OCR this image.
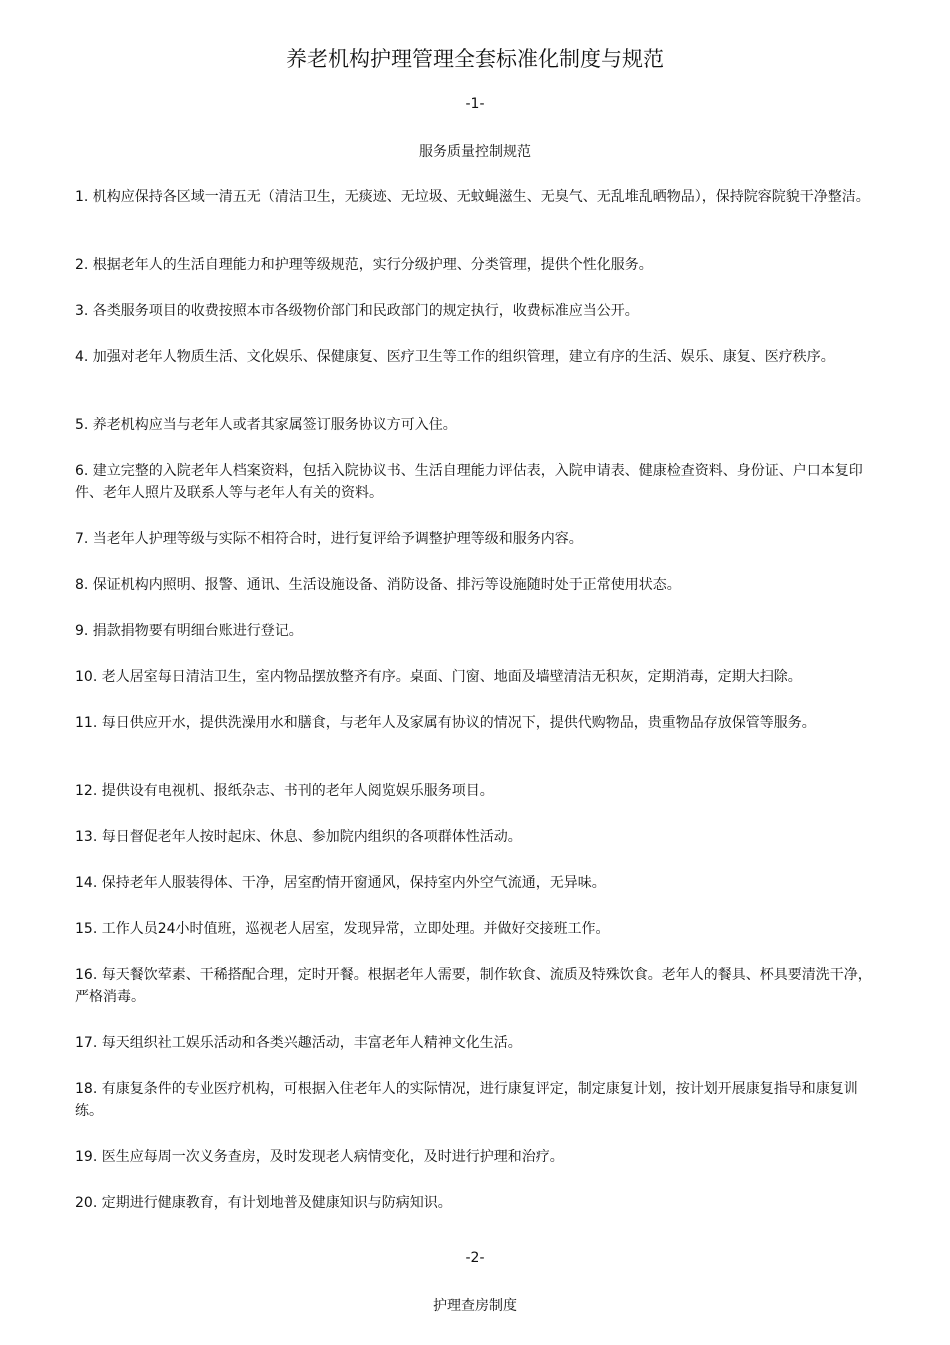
养老机构护理管理全套标准化制度与规范
-1-
服务质量控制规范
1. 机构应保持各区域一清五无（清洁卫生，无痰迹、无垃圾、无蚊蝇滋生、无臭气、无乱堆乱晒物品），保持院容院貌干净整洁。
2. 根据老年人的生活自理能力和护理等级规范，实行分级护理、分类管理，提供个性化服务。
3. 各类服务项目的收费按照本市各级物价部门和民政部门的规定执行，收费标准应当公开。
4. 加强对老年人物质生活、文化娱乐、保健康复、医疗卫生等工作的组织管理，建立有序的生活、娱乐、康复、医疗秩序。
5. 养老机构应当与老年人或者其家属签订服务协议方可入住。
6. 建立完整的入院老年人档案资料，包括入院协议书、生活自理能力评估表，入院申请表、健康检查资料、身份证、户口本复印件、老年人照片及联系人等与老年人有关的资料。
7. 当老年人护理等级与实际不相符合时，进行复评给予调整护理等级和服务内容。
8. 保证机构内照明、报警、通讯、生活设施设备、消防设备、排污等设施随时处于正常使用状态。
9. 捐款捐物要有明细台账进行登记。
10. 老人居室每日清洁卫生，室内物品摆放整齐有序。桌面、门窗、地面及墙壁清洁无积灰，定期消毒，定期大扫除。
11. 每日供应开水，提供洗澡用水和膳食，与老年人及家属有协议的情况下，提供代购物品，贵重物品存放保管等服务。
12. 提供设有电视机、报纸杂志、书刊的老年人阅览娱乐服务项目。
13. 每日督促老年人按时起床、休息、参加院内组织的各项群体性活动。
14. 保持老年人服装得体、干净，居室酌情开窗通风，保持室内外空气流通，无异味。
15. 工作人员24小时值班，巡视老人居室，发现异常，立即处理。并做好交接班工作。
16. 每天餐饮荤素、干稀搭配合理，定时开餐。根据老年人需要，制作软食、流质及特殊饮食。老年人的餐具、杯具要清洗干净，严格消毒。
17. 每天组织社工娱乐活动和各类兴趣活动，丰富老年人精神文化生活。
18. 有康复条件的专业医疗机构，可根据入住老年人的实际情况，进行康复评定，制定康复计划，按计划开展康复指导和康复训练。
19. 医生应每周一次义务查房，及时发现老人病情变化，及时进行护理和治疗。
20. 定期进行健康教育，有计划地普及健康知识与防病知识。
-2-
护理查房制度
